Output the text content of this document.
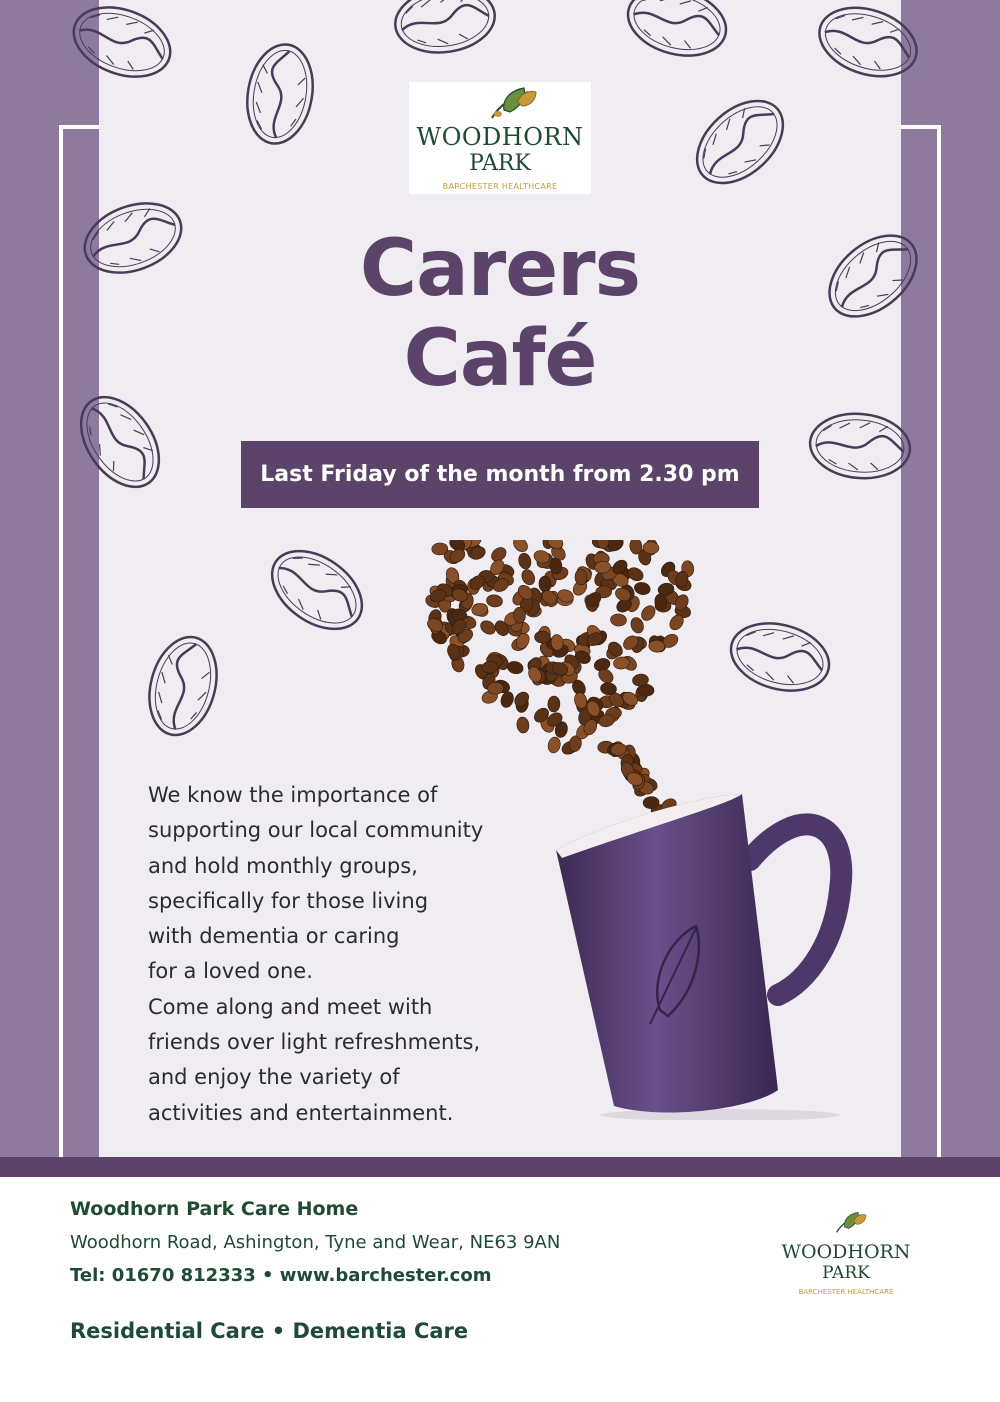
WOODHORN
PARK
BARCHESTER HEALTHCARE
Carers
Café
Last Friday of the month from 2.30 pm
We know the importance of
supporting our local community
and hold monthly groups,
specifically for those living
with dementia or caring
for a loved one.
Come along and meet with
friends over light refreshments,
and enjoy the variety of
activities and entertainment.
Woodhorn Park Care Home
Woodhorn Road, Ashington, Tyne and Wear, NE63 9AN
Tel: 01670 812333 • www.barchester.com
Residential Care • Dementia Care
WOODHORN
PARK
BARCHESTER HEALTHCARE
